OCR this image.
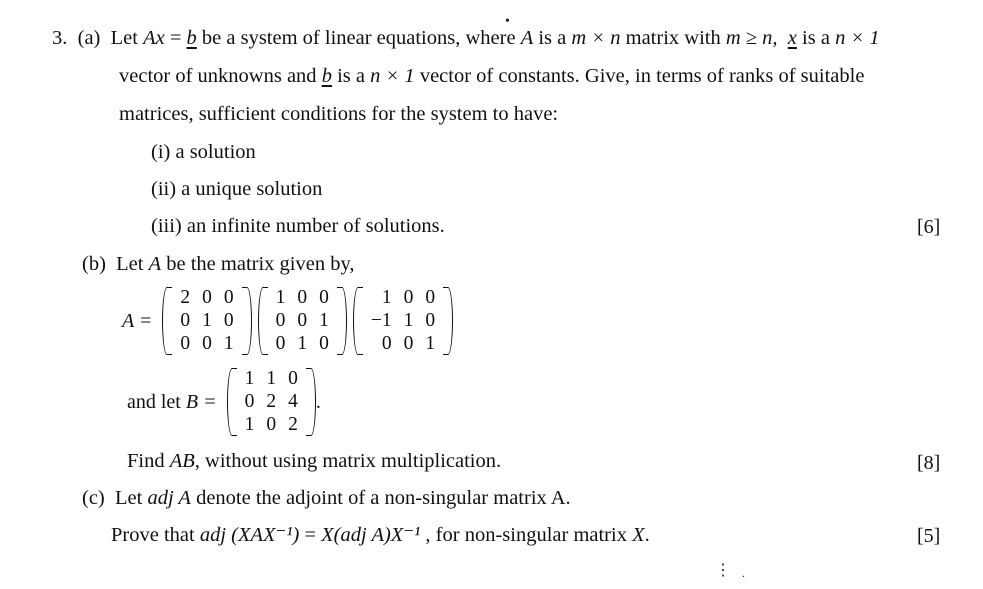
3. (a) Let Ax = b be a system of linear equations, where A is a m × n matrix with m ≥ n, x is a n × 1
vector of unknowns and b is a n × 1 vector of constants. Give, in terms of ranks of suitable
matrices, sufficient conditions for the system to have:
(i) a solution
(ii) a unique solution
(iii) an infinite number of solutions.	[6]
(b) Let A be the matrix given by,
A =
2	0	0
0	1	0
0	0	1
1	0	0
0	0	1
0	1	0
1	0	0
−1	1	0
0	0	1
and let
B =
1	1	0
0	2	4
1	0	2
.
Find AB, without using matrix multiplication.	[8]
(c) Let adj A denote the adjoint of a non-singular matrix A.
Prove that adj (XAX⁻¹) = X(adj A)X⁻¹ , for non-singular matrix X.	[5]
•
⋮ .
